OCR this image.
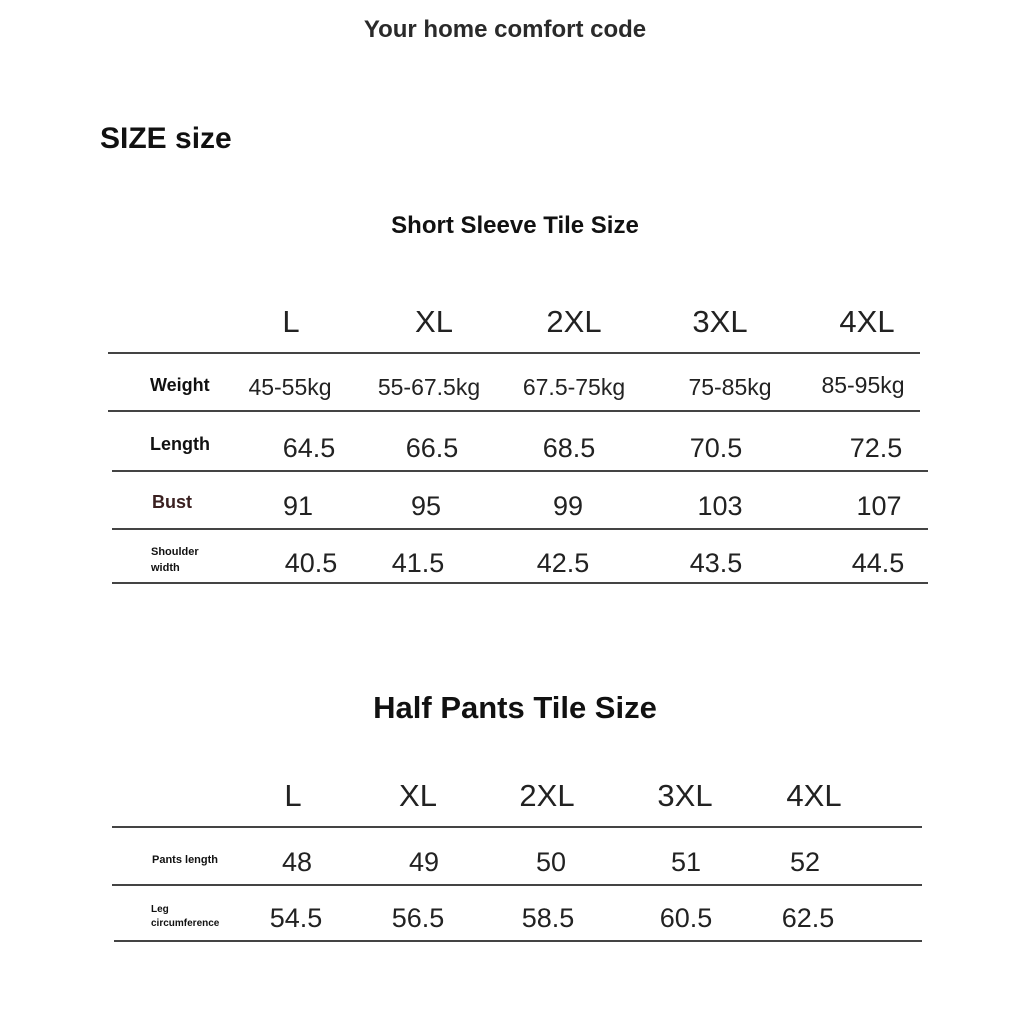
Your home comfort code
SIZE size
Short Sleeve Tile Size
L	XL	2XL	3XL	4XL
Weight 45-55kg 55-67.5kg 67.5-75kg	75-85kg 85-95kg
Length	64.5	66.5	68.5	70.5	72.5
Bust	91	95	99	103	107
Shoulder
width	40.5 41.5	42.5	43.5	44.5
Half Pants Tile Size
L	XL	2XL	3XL 4XL
Pants length 48	49	50	51	52
Leg
circumference 54.5	56.5	58.5	60.5	62.5
